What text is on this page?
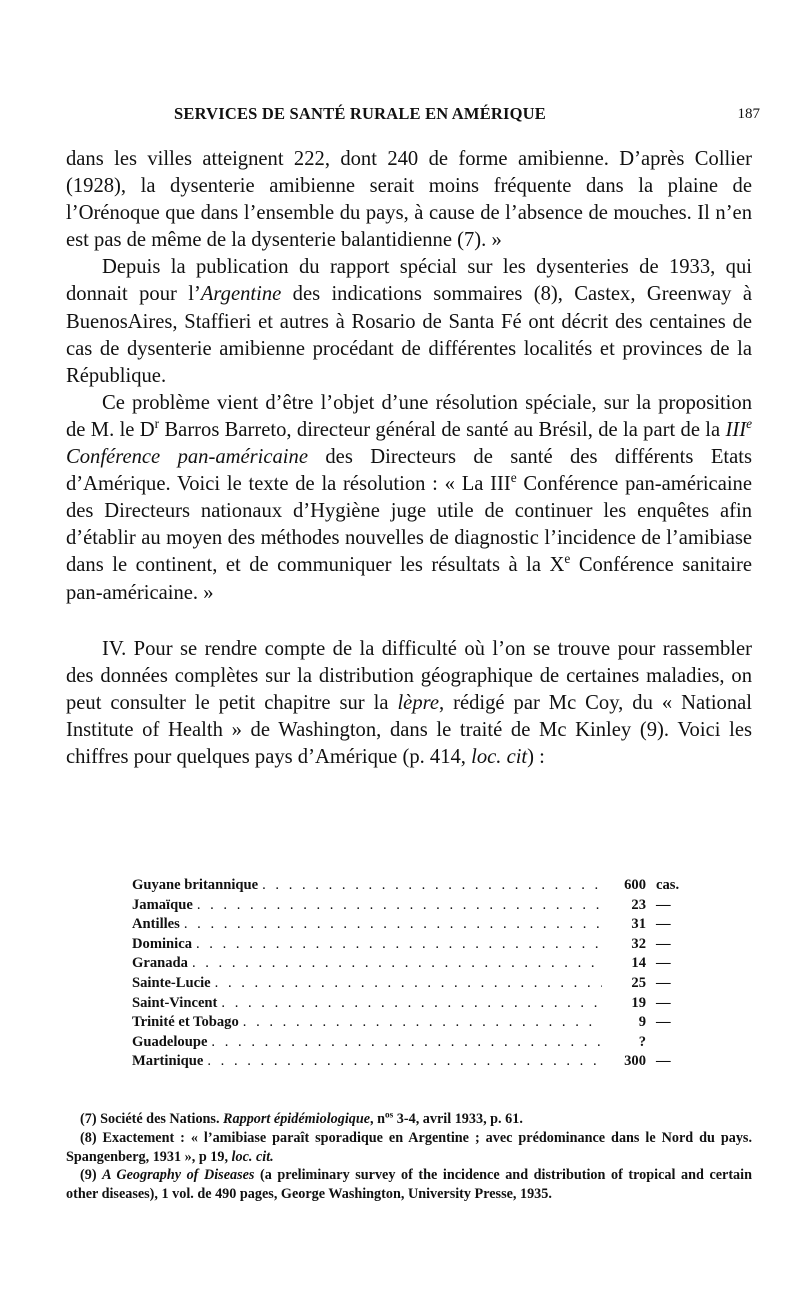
SERVICES DE SANTÉ RURALE EN AMÉRIQUE	187

dans les villes atteignent 222, dont 240 de forme amibienne. D’après Collier (1928), la dysenterie amibienne serait moins fréquente dans la plaine de l’Orénoque que dans l’ensemble du pays, à cause de l’absence de mouches. Il n’en est pas de même de la dysenterie balantidienne (7). »

Depuis la publication du rapport spécial sur les dysenteries de 1933, qui donnait pour l’Argentine des indications sommaires (8), Castex, Greenway à BuenosAires, Staffieri et autres à Rosario de Santa Fé ont décrit des centaines de cas de dysenterie amibienne procédant de différentes localités et provinces de la République.

Ce problème vient d’être l’objet d’une résolution spéciale, sur la proposition de M. le $D^r$ Barros Barreto, directeur général de santé au Brésil, de la part de la IIIe Conférence pan-américaine des Directeurs de santé des différents Etats d’Amérique. Voici le texte de la résolution : « La IIIe Conférence pan-américaine des Directeurs nationaux d’Hygiène juge utile de continuer les enquêtes afin d’établir au moyen des méthodes nouvelles de diagnostic l’incidence de l’amibiase dans le continent, et de communiquer les résultats à la Xe Conférence sanitaire pan-américaine. »

IV. Pour se rendre compte de la difficulté où l’on se trouve pour rassembler des données complètes sur la distribution géographique de certaines maladies, on peut consulter le petit chapitre sur la lèpre, rédigé par Mc Coy, du « National Institute of Health » de Washington, dans le traité de Mc Kinley (9). Voici les chiffres pour quelques pays d’Amérique (p. 414, loc. cit) :

Guyane britannique . . .	600 cas.
Jamaïque . . .	23 —
Antilles . . .	31 —
Dominica . . .	32 —
Granada . . .	14 —
Sainte-Lucie . . .	25 —
Saint-Vincent . . .	19 —
Trinité et Tobago . . .	9 —
Guadeloupe . . .	?
Martinique . . .	300 —

(7) Société des Nations. Rapport épidémiologique, $n^{os}$ 3-4, avril 1933, p. 61.

(8) Exactement : « l’amibiase paraît sporadique en Argentine ; avec prédominance dans le Nord du pays. Spangenberg, 1931 », p 19, loc. cit.

(9) A Geography of Diseases (a preliminary survey of the incidence and distribution of tropical and certain other diseases), 1 vol. de 490 pages, George Washington, University Presse, 1935.
